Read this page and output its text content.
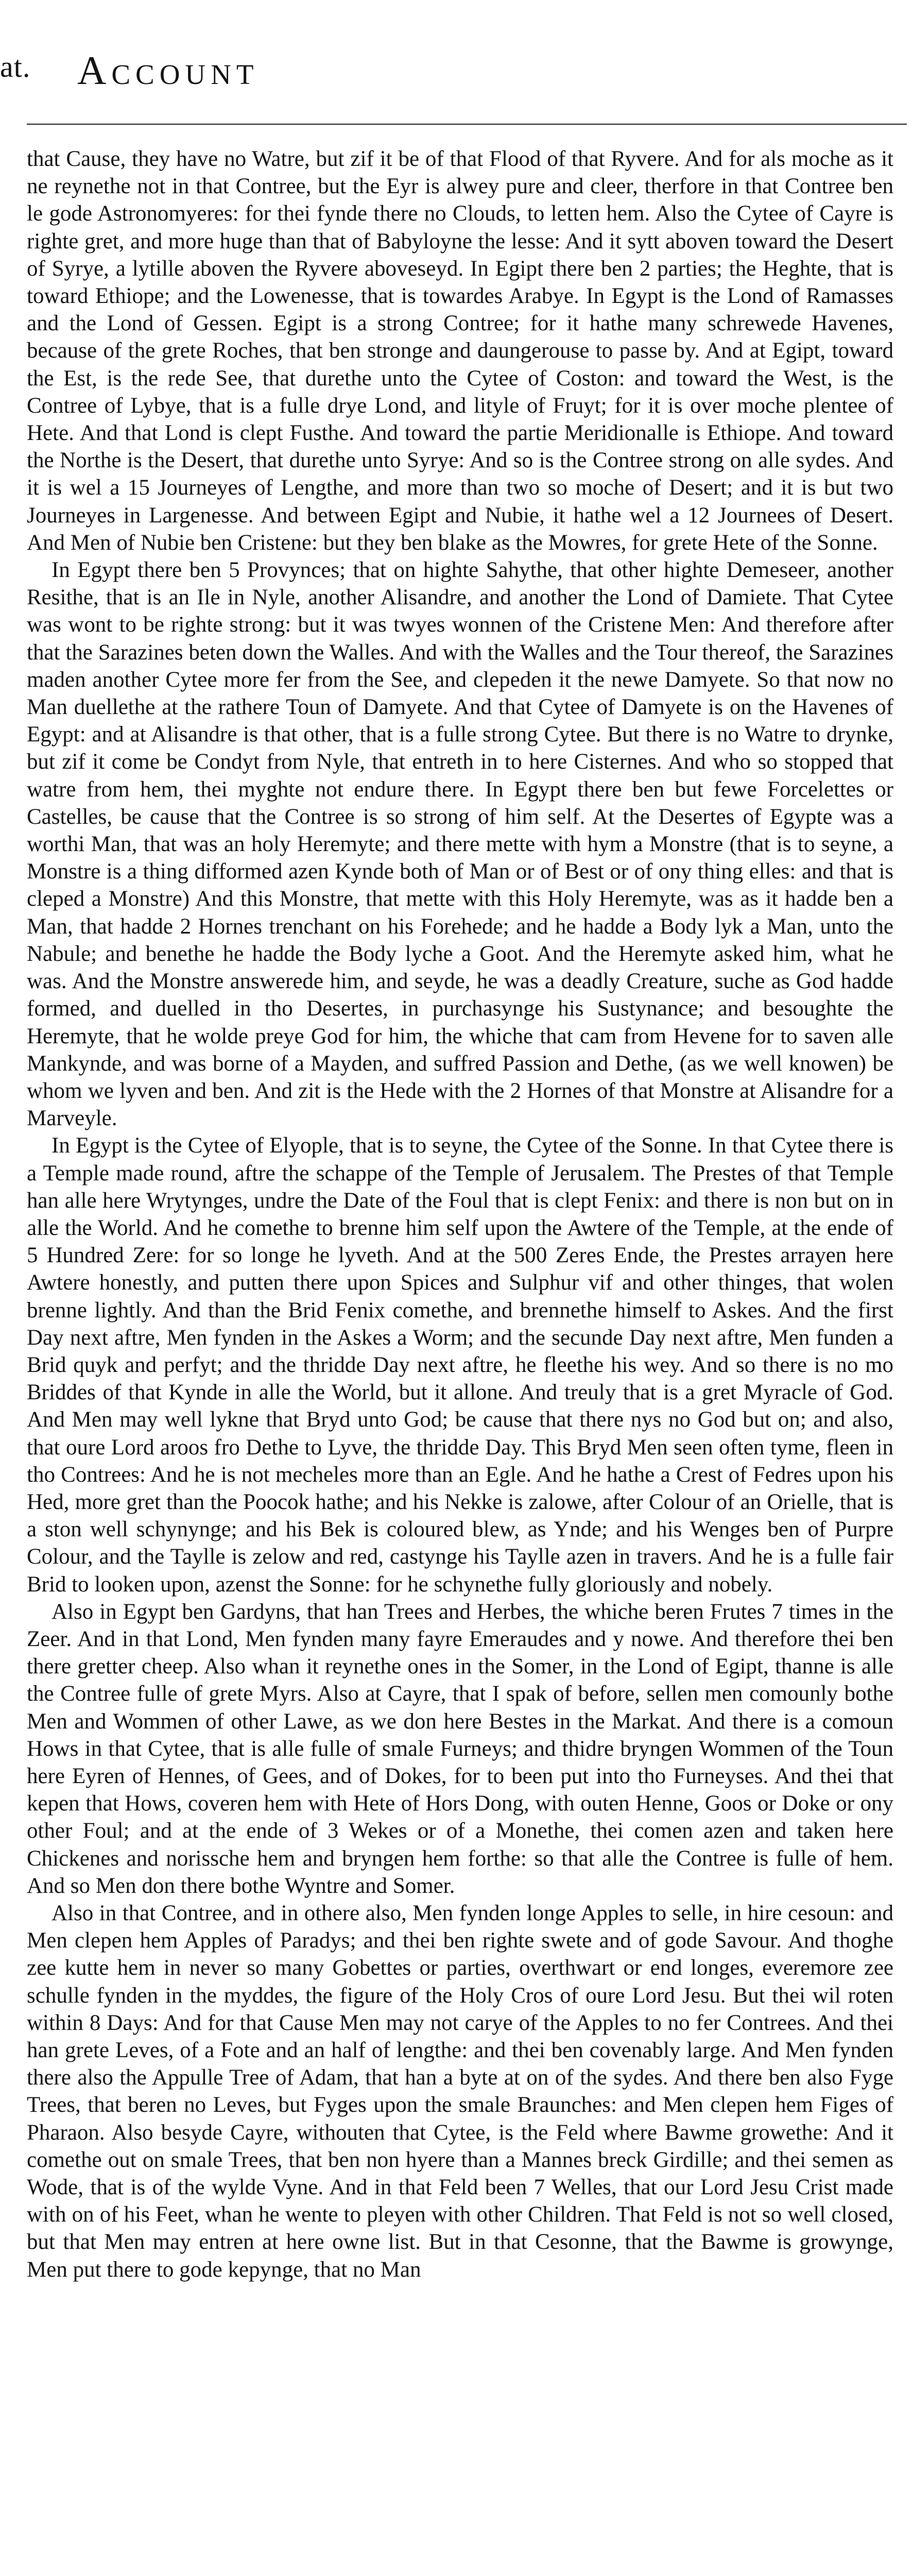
at. Account

that Cause, they have no Watre, but zif it be of that Flood of that Ryvere. And for als moche as it ne reynethe not in that Contree, but the Eyr is alwey pure and cleer, therfore in that Contree ben le gode Astronomyeres: for thei fynde there no Clouds, to letten hem. Also the Cytee of Cayre is righte gret, and more huge than that of Babyloyne the lesse: And it sytt aboven toward the Desert of Syrye, a lytille aboven the Ryvere aboveseyd. In Egipt there ben 2 parties; the Heghte, that is toward Ethiope; and the Lowenesse, that is towardes Arabye. In Egypt is the Lond of Ramasses and the Lond of Gessen. Egipt is a strong Contree; for it hathe many schrewede Havenes, because of the grete Roches, that ben stronge and daungerouse to passe by. And at Egipt, toward the Est, is the rede See, that durethe unto the Cytee of Coston: and toward the West, is the Contree of Lybye, that is a fulle drye Lond, and lityle of Fruyt; for it is over moche plentee of Hete. And that Lond is clept Fusthe. And toward the partie Meridionalle is Ethiope. And toward the Northe is the Desert, that durethe unto Syrye: And so is the Contree strong on alle sydes. And it is wel a 15 Journeyes of Lengthe, and more than two so moche of Desert; and it is but two Journeyes in Largenesse. And between Egipt and Nubie, it hathe wel a 12 Journees of Desert. And Men of Nubie ben Cristene: but they ben blake as the Mowres, for grete Hete of the Sonne.

In Egypt there ben 5 Provynces; that on highte Sahythe, that other highte Demeseer, another Resithe, that is an Ile in Nyle, another Alisandre, and another the Lond of Damiete. That Cytee was wont to be righte strong: but it was twyes wonnen of the Cristene Men: And therefore after that the Sarazines beten down the Walles. And with the Walles and the Tour thereof, the Sarazines maden another Cytee more fer from the See, and clepeden it the newe Damyete. So that now no Man duellethe at the rathere Toun of Damyete. And that Cytee of Damyete is on the Havenes of Egypt: and at Alisandre is that other, that is a fulle strong Cytee. But there is no Watre to drynke, but zif it come be Condyt from Nyle, that entreth in to here Cisternes. And who so stopped that watre from hem, thei myghte not endure there. In Egypt there ben but fewe Forcelettes or Castelles, be cause that the Contree is so strong of him self. At the Desertes of Egypte was a worthi Man, that was an holy Heremyte; and there mette with hym a Monstre (that is to seyne, a Monstre is a thing difformed azen Kynde both of Man or of Best or of ony thing elles: and that is cleped a Monstre) And this Monstre, that mette with this Holy Heremyte, was as it hadde ben a Man, that hadde 2 Hornes trenchant on his Forehede; and he hadde a Body lyk a Man, unto the Nabule; and benethe he hadde the Body lyche a Goot. And the Heremyte asked him, what he was. And the Monstre answerede him, and seyde, he was a deadly Creature, suche as God hadde formed, and duelled in tho Desertes, in purchasynge his Sustynance; and besoughte the Heremyte, that he wolde preye God for him, the whiche that cam from Hevene for to saven alle Mankynde, and was borne of a Mayden, and suffred Passion and Dethe, (as we well knowen) be whom we lyven and ben. And zit is the Hede with the 2 Hornes of that Monstre at Alisandre for a Marveyle.

In Egypt is the Cytee of Elyople, that is to seyne, the Cytee of the Sonne. In that Cytee there is a Temple made round, aftre the schappe of the Temple of Jerusalem. The Prestes of that Temple han alle here Wrytynges, undre the Date of the Foul that is clept Fenix: and there is non but on in alle the World. And he comethe to brenne him self upon the Awtere of the Temple, at the ende of 5 Hundred Zere: for so longe he lyveth. And at the 500 Zeres Ende, the Prestes arrayen here Awtere honestly, and putten there upon Spices and Sulphur vif and other thinges, that wolen brenne lightly. And than the Brid Fenix comethe, and brennethe himself to Askes. And the first Day next aftre, Men fynden in the Askes a Worm; and the secunde Day next aftre, Men funden a Brid quyk and perfyt; and the thridde Day next aftre, he fleethe his wey. And so there is no mo Briddes of that Kynde in alle the World, but it allone. And treuly that is a gret Myracle of God. And Men may well lykne that Bryd unto God; be cause that there nys no God but on; and also, that oure Lord aroos fro Dethe to Lyve, the thridde Day. This Bryd Men seen often tyme, fleen in tho Contrees: And he is not mecheles more than an Egle. And he hathe a Crest of Fedres upon his Hed, more gret than the Poocok hathe; and his Nekke is zalowe, after Colour of an Orielle, that is a ston well schynynge; and his Bek is coloured blew, as Ynde; and his Wenges ben of Purpre Colour, and the Taylle is zelow and red, castynge his Taylle azen in travers. And he is a fulle fair Brid to looken upon, azenst the Sonne: for he schynethe fully gloriously and nobely.

Also in Egypt ben Gardyns, that han Trees and Herbes, the whiche beren Frutes 7 times in the Zeer. And in that Lond, Men fynden many fayre Emeraudes and y nowe. And therefore thei ben there gretter cheep. Also whan it reynethe ones in the Somer, in the Lond of Egipt, thanne is alle the Contree fulle of grete Myrs. Also at Cayre, that I spak of before, sellen men comounly bothe Men and Wommen of other Lawe, as we don here Bestes in the Markat. And there is a comoun Hows in that Cytee, that is alle fulle of smale Furneys; and thidre bryngen Wommen of the Toun here Eyren of Hennes, of Gees, and of Dokes, for to been put into tho Furneyses. And thei that kepen that Hows, coveren hem with Hete of Hors Dong, with outen Henne, Goos or Doke or ony other Foul; and at the ende of 3 Wekes or of a Monethe, thei comen azen and taken here Chickenes and norissche hem and bryngen hem forthe: so that alle the Contree is fulle of hem. And so Men don there bothe Wyntre and Somer.

Also in that Contree, and in othere also, Men fynden longe Apples to selle, in hire cesoun: and Men clepen hem Apples of Paradys; and thei ben righte swete and of gode Savour. And thoghe zee kutte hem in never so many Gobettes or parties, overthwart or end longes, everemore zee schulle fynden in the myddes, the figure of the Holy Cros of oure Lord Jesu. But thei wil roten within 8 Days: And for that Cause Men may not carye of the Apples to no fer Contrees. And thei han grete Leves, of a Fote and an half of lengthe: and thei ben covenably large. And Men fynden there also the Appulle Tree of Adam, that han a byte at on of the sydes. And there ben also Fyge Trees, that beren no Leves, but Fyges upon the smale Braunches: and Men clepen hem Figes of Pharaon. Also besyde Cayre, withouten that Cytee, is the Feld where Bawme growethe: And it comethe out on smale Trees, that ben non hyere than a Mannes breck Girdille; and thei semen as Wode, that is of the wylde Vyne. And in that Feld been 7 Welles, that our Lord Jesu Crist made with on of his Feet, whan he wente to pleyen with other Children. That Feld is not so well closed, but that Men may entren at here owne list. But in that Cesonne, that the Bawme is growynge, Men put there to gode kepynge, that no Man
